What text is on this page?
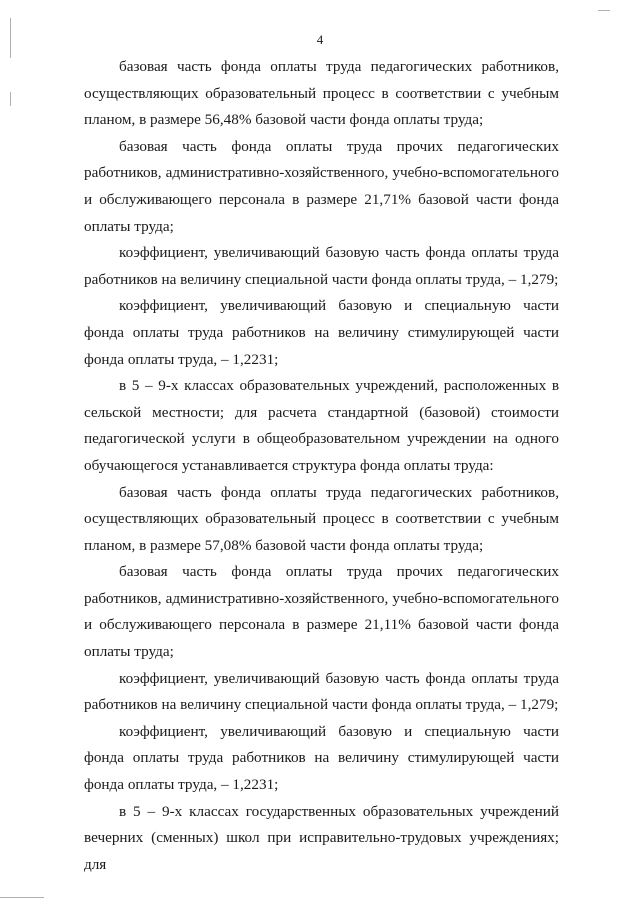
4

базовая часть фонда оплаты труда педагогических работников, осуществляющих образовательный процесс в соответствии с учебным планом, в размере 56,48% базовой части фонда оплаты труда;

базовая часть фонда оплаты труда прочих педагогических работников, административно-хозяйственного, учебно-вспомогательного и обслуживающего персонала в размере 21,71% базовой части фонда оплаты труда;

коэффициент, увеличивающий базовую часть фонда оплаты труда работников на величину специальной части фонда оплаты труда, – 1,279;

коэффициент, увеличивающий базовую и специальную части фонда оплаты труда работников на величину стимулирующей части фонда оплаты труда, – 1,2231;

в 5 – 9-х классах образовательных учреждений, расположенных в сельской местности; для расчета стандартной (базовой) стоимости педагогической услуги в общеобразовательном учреждении на одного обучающегося устанавливается структура фонда оплаты труда:

базовая часть фонда оплаты труда педагогических работников, осуществляющих образовательный процесс в соответствии с учебным планом, в размере 57,08% базовой части фонда оплаты труда;

базовая часть фонда оплаты труда прочих педагогических работников, административно-хозяйственного, учебно-вспомогательного и обслуживающего персонала в размере 21,11% базовой части фонда оплаты труда;

коэффициент, увеличивающий базовую часть фонда оплаты труда работников на величину специальной части фонда оплаты труда, – 1,279;

коэффициент, увеличивающий базовую и специальную части фонда оплаты труда работников на величину стимулирующей части фонда оплаты труда, – 1,2231;

в 5 – 9-х классах государственных образовательных учреждений вечерних (сменных) школ при исправительно-трудовых учреждениях; для
